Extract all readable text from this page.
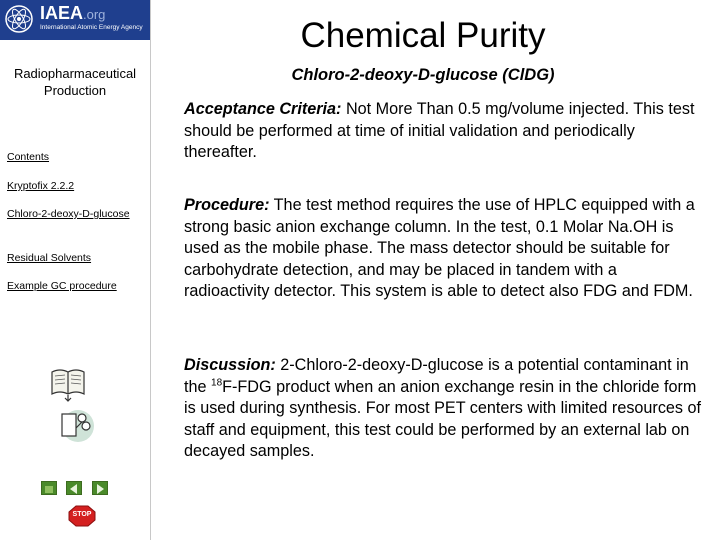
IAEA.org
International Atomic Energy Agency
Radiopharmaceutical Production
Contents
Kryptofix 2.2.2
Chloro-2-deoxy-D-glucose
Residual Solvents
Example GC procedure
STOP
Chemical Purity
Chloro-2-deoxy-D-glucose (ClDG)
Acceptance Criteria: Not More Than 0.5 mg/volume injected. This test should be performed at time of initial validation and periodically thereafter.
Procedure: The test method requires the use of HPLC equipped with a strong basic anion exchange column. In the test, 0.1 Molar Na.OH is used as the mobile phase. The mass detector should be suitable for carbohydrate detection, and may be placed in tandem with a radioactivity detector. This system is able to detect also FDG and FDM.
Discussion: 2-Chloro-2-deoxy-D-glucose is a potential contaminant in the $^{18}$F-FDG product when an anion exchange resin in the chloride form is used during synthesis. For most PET centers with limited resources of staff and equipment, this test could be performed by an external lab on decayed samples.
